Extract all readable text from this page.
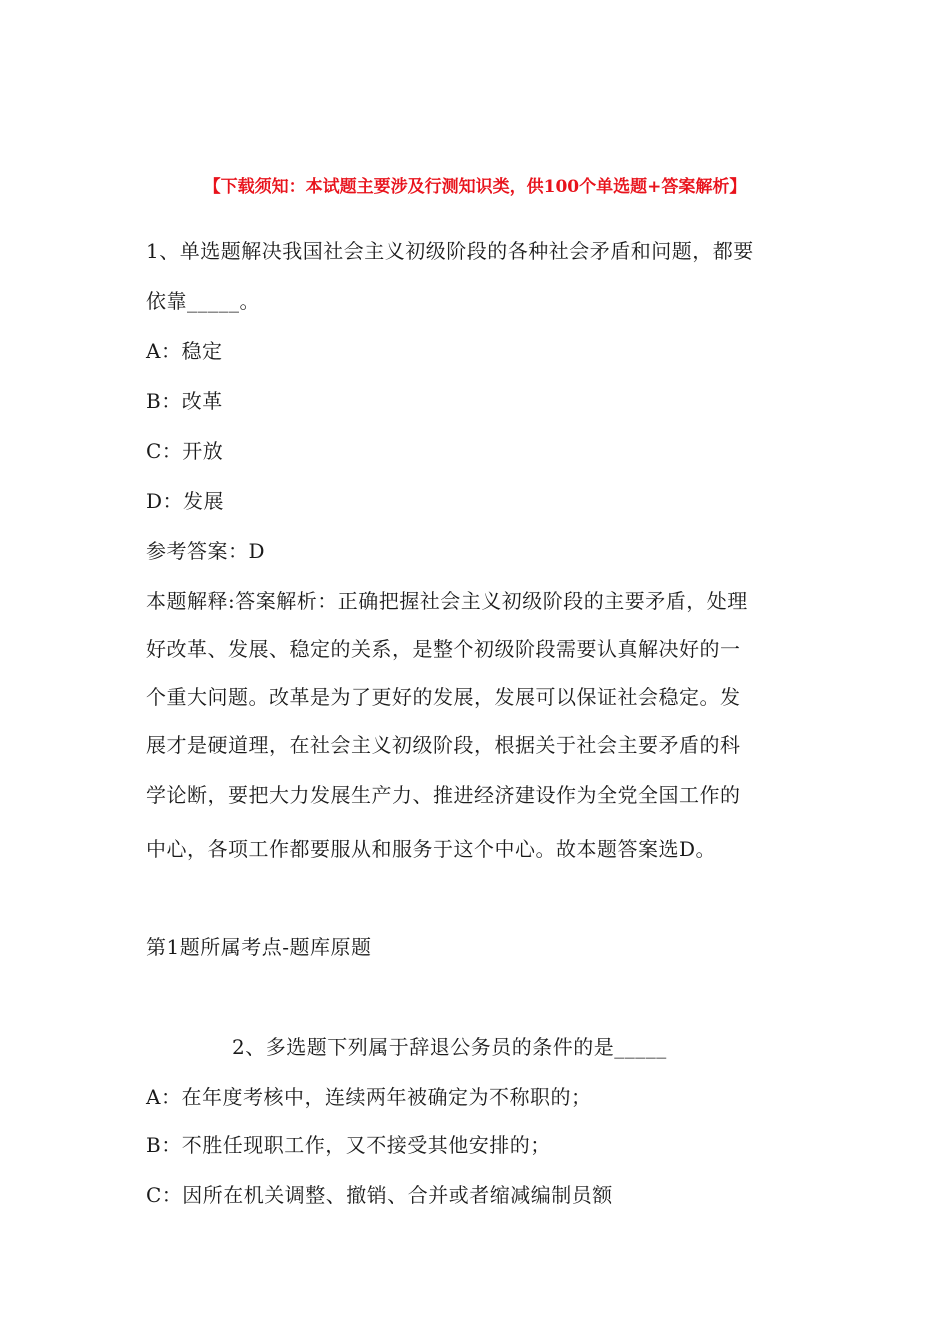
【下载须知：本试题主要涉及行测知识类，供100个单选题+答案解析】
1、单选题解决我国社会主义初级阶段的各种社会矛盾和问题，都要
依靠_____。
A：稳定
B：改革
C：开放
D：发展
参考答案：D
本题解释:答案解析：正确把握社会主义初级阶段的主要矛盾，处理
好改革、发展、稳定的关系，是整个初级阶段需要认真解决好的一
个重大问题。改革是为了更好的发展，发展可以保证社会稳定。发
展才是硬道理，在社会主义初级阶段，根据关于社会主要矛盾的科
学论断，要把大力发展生产力、推进经济建设作为全党全国工作的
中心，各项工作都要服从和服务于这个中心。故本题答案选D。
第1题所属考点-题库原题
2、多选题下列属于辞退公务员的条件的是_____
A：在年度考核中，连续两年被确定为不称职的；
B：不胜任现职工作，又不接受其他安排的；
C：因所在机关调整、撤销、合并或者缩减编制员额
